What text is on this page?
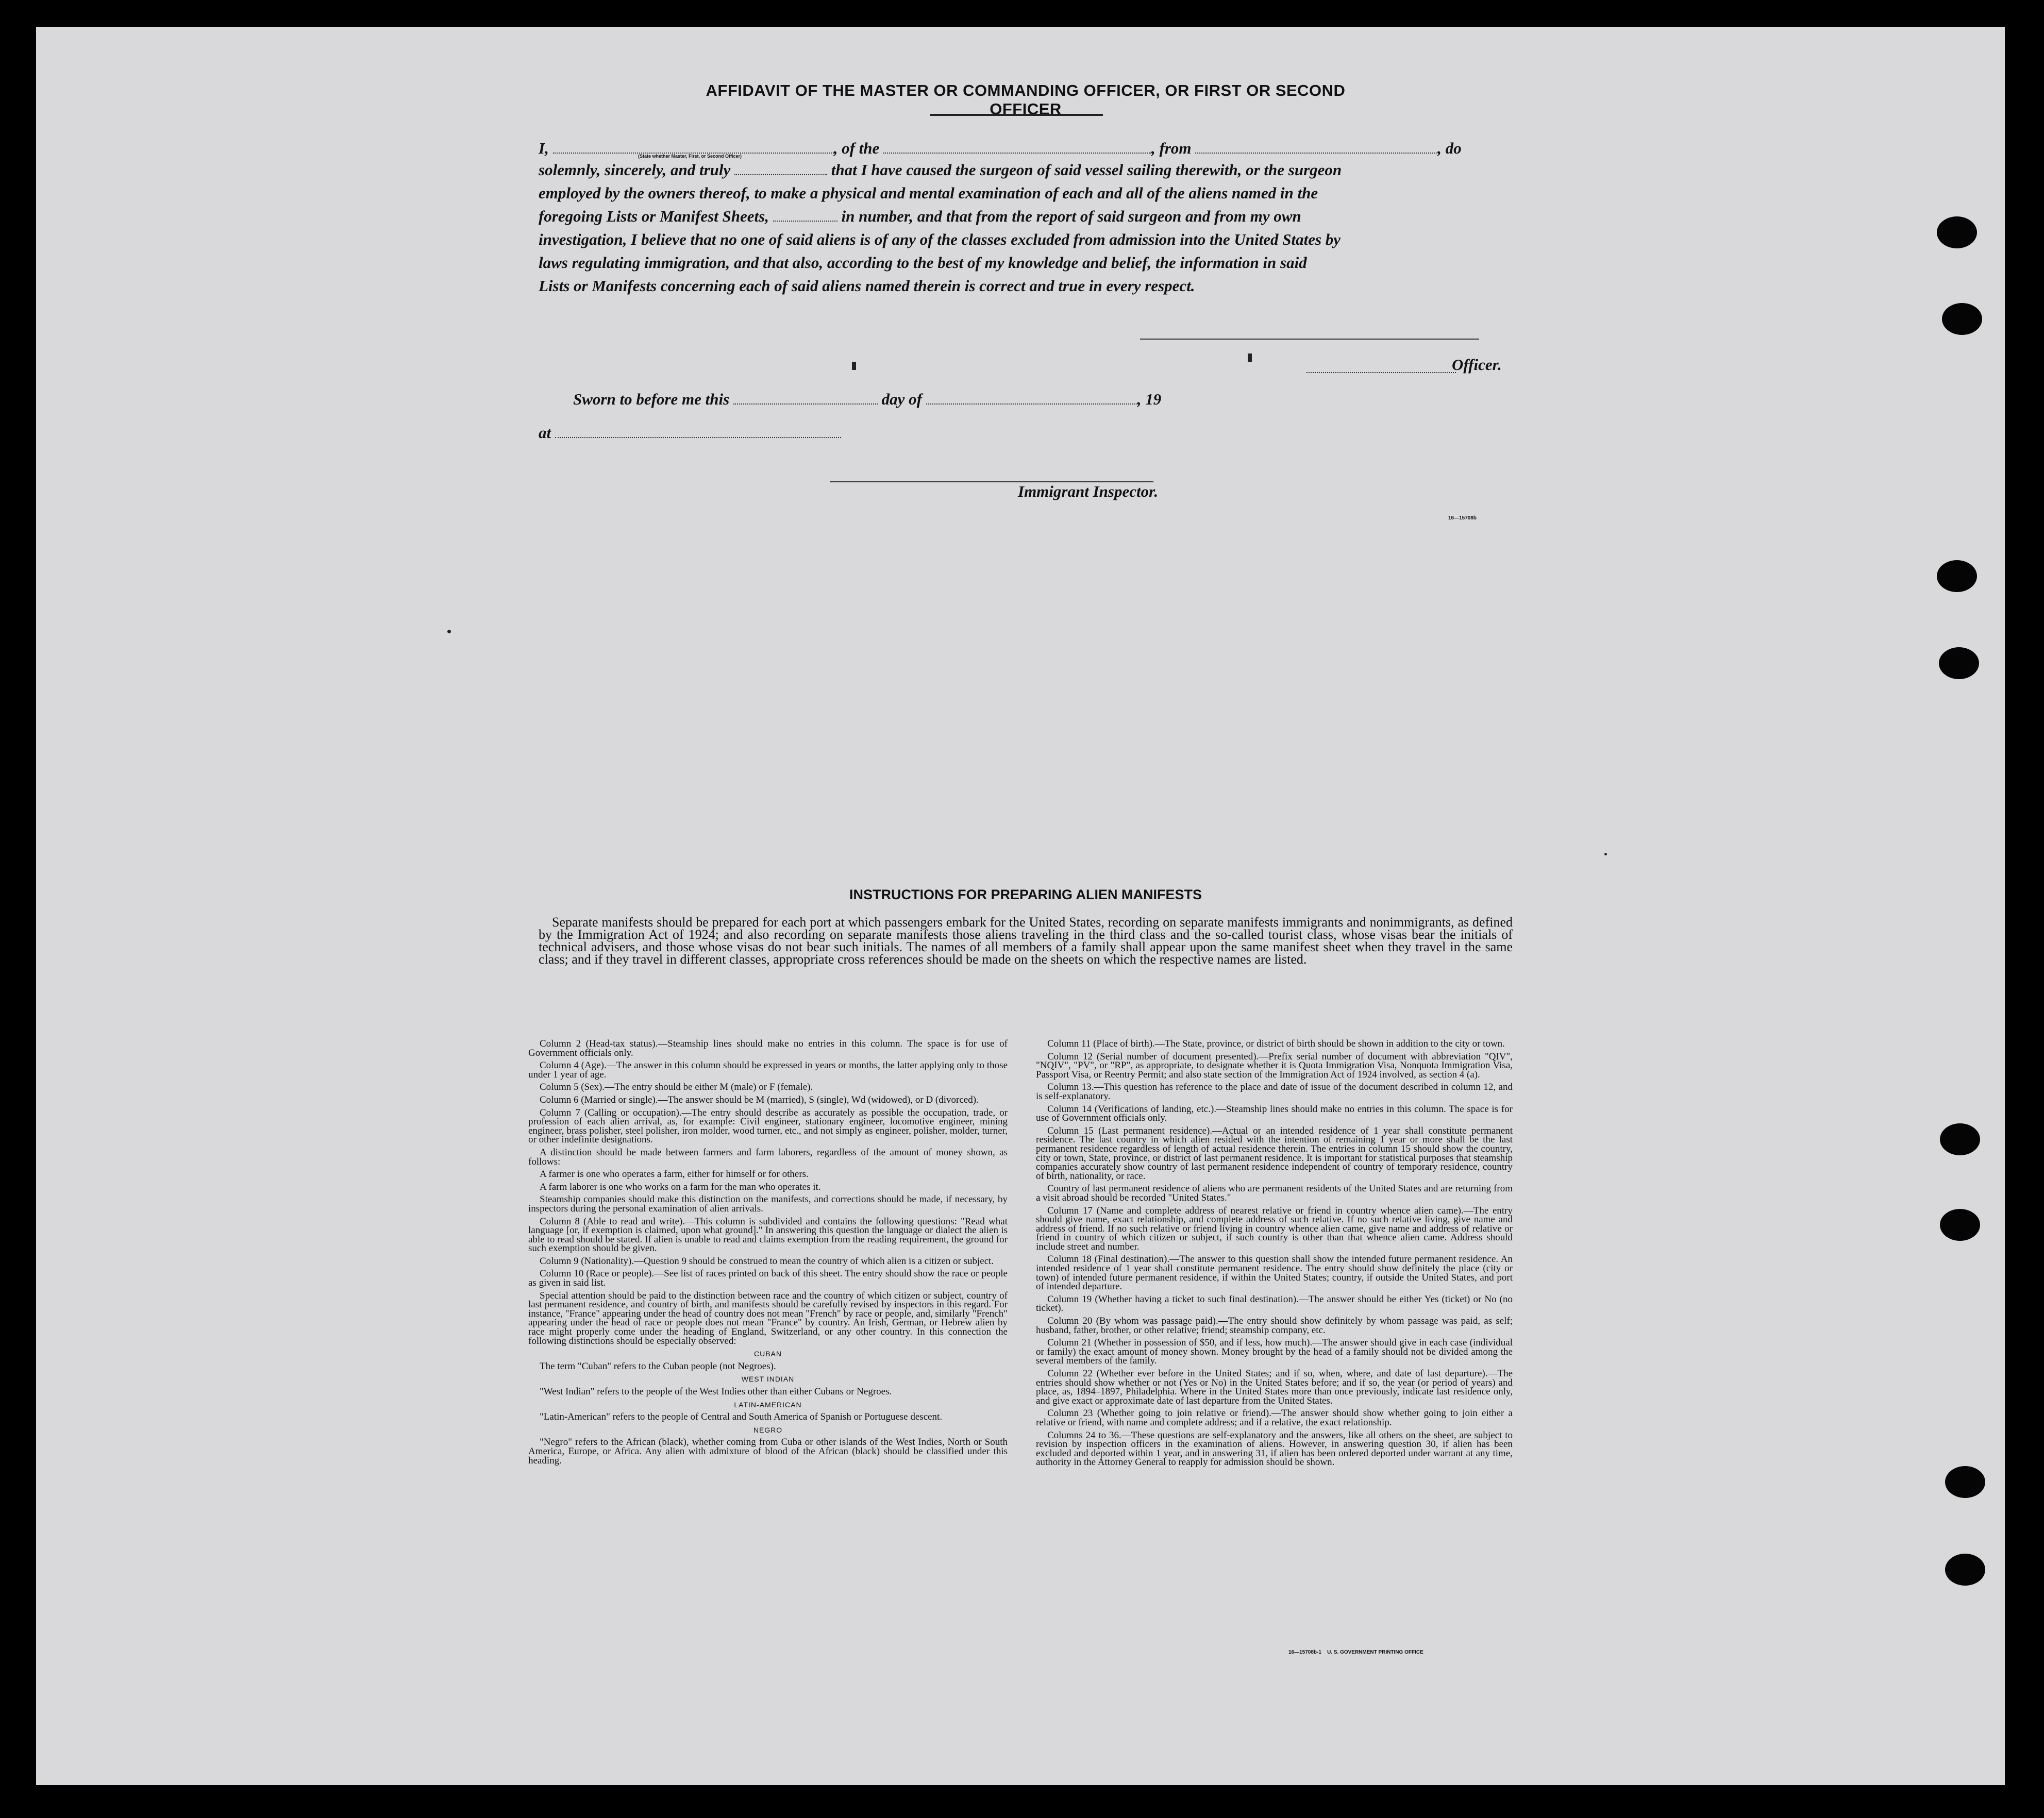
AFFIDAVIT OF THE MASTER OR COMMANDING OFFICER, OR FIRST OR SECOND OFFICER
I,	, of the	, from	, do
(State whether Master, First, or Second Officer)
solemnly, sincerely, and truly	that I have caused the surgeon of said vessel sailing therewith, or the surgeon
employed by the owners thereof, to make a physical and mental examination of each and all of the aliens named in the
foregoing Lists or Manifest Sheets,	in number, and that from the report of said surgeon and from my own
investigation, I believe that no one of said aliens is of any of the classes excluded from admission into the United States by
laws regulating immigration, and that also, according to the best of my knowledge and belief, the information in said
Lists or Manifests concerning each of said aliens named therein is correct and true in every respect.
Officer.
Sworn to before me this	day of	, 19
at
Immigrant Inspector.
16—15708b
INSTRUCTIONS FOR PREPARING ALIEN MANIFESTS

Separate manifests should be prepared for each port at which passengers embark for the United States, recording on separate manifests immigrants and nonimmigrants, as defined by the Immigration Act of 1924; and also recording on separate manifests those aliens traveling in the third class and the so-called tourist class, whose visas bear the initials of technical advisers, and those whose visas do not bear such initials. The names of all members of a family shall appear upon the same manifest sheet when they travel in the same class; and if they travel in different classes, appropriate cross references should be made on the sheets on which the respective names are listed.

Column 2 (Head-tax status).—Steamship lines should make no entries in this column. The space is for use of Government officials only.

Column 4 (Age).—The answer in this column should be expressed in years or months, the latter applying only to those under 1 year of age.

Column 5 (Sex).—The entry should be either M (male) or F (female).

Column 6 (Married or single).—The answer should be M (married), S (single), Wd (widowed), or D (divorced).

Column 7 (Calling or occupation).—The entry should describe as accurately as possible the occupation, trade, or profession of each alien arrival, as, for example: Civil engineer, stationary engineer, locomotive engineer, mining engineer, brass polisher, steel polisher, iron molder, wood turner, etc., and not simply as engineer, polisher, molder, turner, or other indefinite designations.

A distinction should be made between farmers and farm laborers, regardless of the amount of money shown, as follows:

A farmer is one who operates a farm, either for himself or for others.

A farm laborer is one who works on a farm for the man who operates it.

Steamship companies should make this distinction on the manifests, and corrections should be made, if necessary, by inspectors during the personal examination of alien arrivals.

Column 8 (Able to read and write).—This column is subdivided and contains the following questions: "Read what language [or, if exemption is claimed, upon what ground]." In answering this question the language or dialect the alien is able to read should be stated. If alien is unable to read and claims exemption from the reading requirement, the ground for such exemption should be given.

Column 9 (Nationality).—Question 9 should be construed to mean the country of which alien is a citizen or subject.

Column 10 (Race or people).—See list of races printed on back of this sheet. The entry should show the race or people as given in said list.

Special attention should be paid to the distinction between race and the country of which citizen or subject, country of last permanent residence, and country of birth, and manifests should be carefully revised by inspectors in this regard. For instance, "France" appearing under the head of country does not mean "French" by race or people, and, similarly "French" appearing under the head of race or people does not mean "France" by country. An Irish, German, or Hebrew alien by race might properly come under the heading of England, Switzerland, or any other country. In this connection the following distinctions should be especially observed:

CUBAN

The term "Cuban" refers to the Cuban people (not Negroes).

WEST INDIAN

"West Indian" refers to the people of the West Indies other than either Cubans or Negroes.

LATIN-AMERICAN

"Latin-American" refers to the people of Central and South America of Spanish or Portuguese descent.

NEGRO

"Negro" refers to the African (black), whether coming from Cuba or other islands of the West Indies, North or South America, Europe, or Africa. Any alien with admixture of blood of the African (black) should be classified under this heading.

Column 11 (Place of birth).—The State, province, or district of birth should be shown in addition to the city or town.

Column 12 (Serial number of document presented).—Prefix serial number of document with abbreviation "QIV", "NQIV", "PV", or "RP", as appropriate, to designate whether it is Quota Immigration Visa, Nonquota Immigration Visa, Passport Visa, or Reentry Permit; and also state section of the Immigration Act of 1924 involved, as section 4 (a).

Column 13.—This question has reference to the place and date of issue of the document described in column 12, and is self-explanatory.

Column 14 (Verifications of landing, etc.).—Steamship lines should make no entries in this column. The space is for use of Government officials only.

Column 15 (Last permanent residence).—Actual or an intended residence of 1 year shall constitute permanent residence. The last country in which alien resided with the intention of remaining 1 year or more shall be the last permanent residence regardless of length of actual residence therein. The entries in column 15 should show the country, city or town, State, province, or district of last permanent residence. It is important for statistical purposes that steamship companies accurately show country of last permanent residence independent of country of temporary residence, country of birth, nationality, or race.

Country of last permanent residence of aliens who are permanent residents of the United States and are returning from a visit abroad should be recorded "United States."

Column 17 (Name and complete address of nearest relative or friend in country whence alien came).—The entry should give name, exact relationship, and complete address of such relative. If no such relative living, give name and address of friend. If no such relative or friend living in country whence alien came, give name and address of relative or friend in country of which citizen or subject, if such country is other than that whence alien came. Address should include street and number.

Column 18 (Final destination).—The answer to this question shall show the intended future permanent residence. An intended residence of 1 year shall constitute permanent residence. The entry should show definitely the place (city or town) of intended future permanent residence, if within the United States; country, if outside the United States, and port of intended departure.

Column 19 (Whether having a ticket to such final destination).—The answer should be either Yes (ticket) or No (no ticket).

Column 20 (By whom was passage paid).—The entry should show definitely by whom passage was paid, as self; husband, father, brother, or other relative; friend; steamship company, etc.

Column 21 (Whether in possession of $50, and if less, how much).—The answer should give in each case (individual or family) the exact amount of money shown. Money brought by the head of a family should not be divided among the several members of the family.

Column 22 (Whether ever before in the United States; and if so, when, where, and date of last departure).—The entries should show whether or not (Yes or No) in the United States before; and if so, the year (or period of years) and place, as, 1894–1897, Philadelphia. Where in the United States more than once previously, indicate last residence only, and give exact or approximate date of last departure from the United States.

Column 23 (Whether going to join relative or friend).—The answer should show whether going to join either a relative or friend, with name and complete address; and if a relative, the exact relationship.

Columns 24 to 36.—These questions are self-explanatory and the answers, like all others on the sheet, are subject to revision by inspection officers in the examination of aliens. However, in answering question 30, if alien has been excluded and deported within 1 year, and in answering 31, if alien has been ordered deported under warrant at any time, authority in the Attorney General to reapply for admission should be shown.

16—15708b-1 U. S. GOVERNMENT PRINTING OFFICE
